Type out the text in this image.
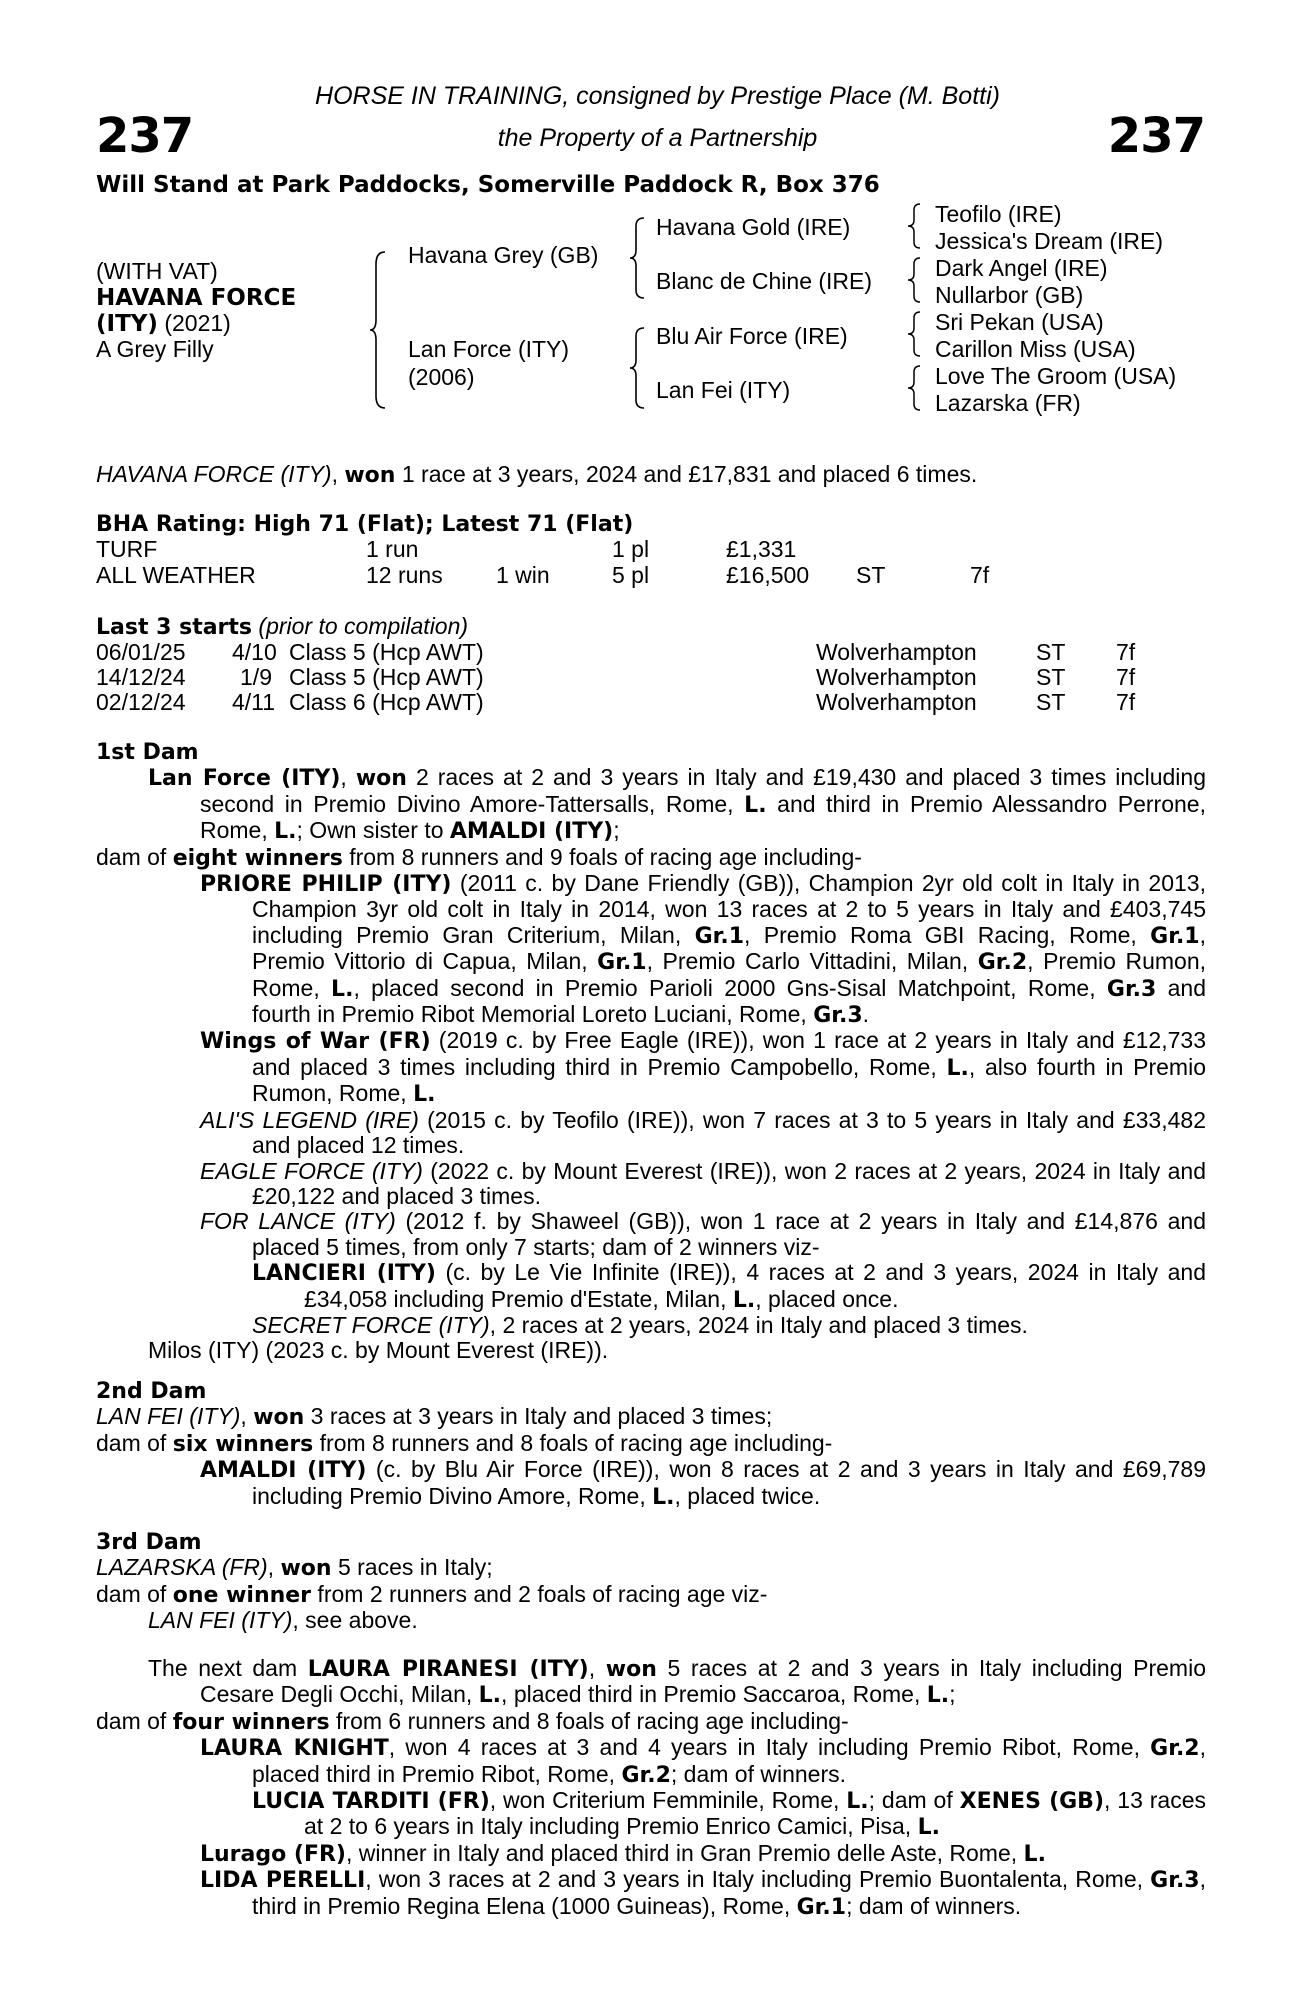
237	237
HORSE IN TRAINING, consigned by Prestige Place (M. Botti)
the Property of a Partnership
Will Stand at Park Paddocks, Somerville Paddock R, Box 376
(WITH VAT)
HAVANA FORCE
(ITY) (2021)
A Grey Filly
Havana Grey (GB)
Lan Force (ITY)
(2006)
Havana Gold (IRE)
Blanc de Chine (IRE)
Blu Air Force (IRE)
Lan Fei (ITY)
Teofilo (IRE)
Jessica's Dream (IRE)
Dark Angel (IRE)
Nullarbor (GB)
Sri Pekan (USA)
Carillon Miss (USA)
Love The Groom (USA)
Lazarska (FR)

HAVANA FORCE (ITY), won 1 race at 3 years, 2024 and £17,831 and placed 6 times.

BHA Rating: High 71 (Flat); Latest 71 (Flat)

TURF	1 run	1 pl	£1,331
ALL WEATHER	12 runs 1 win	5 pl	£16,500 ST	7f

Last 3 starts (prior to compilation)

06/01/25 4/10 Class 5 (Hcp AWT)	Wolverhampton	ST 7f
14/12/24	1/9 Class 5 (Hcp AWT)	Wolverhampton	ST 7f
02/12/24 4/11 Class 6 (Hcp AWT)	Wolverhampton	ST 7f

1st Dam

Lan Force (ITY), won 2 races at 2 and 3 years in Italy and £19,430 and placed 3 times including second in Premio Divino Amore-Tattersalls, Rome, L. and third in Premio Alessandro Perrone, Rome, L.; Own sister to AMALDI (ITY);

dam of eight winners from 8 runners and 9 foals of racing age including-

PRIORE PHILIP (ITY) (2011 c. by Dane Friendly (GB)), Champion 2yr old colt in Italy in 2013, Champion 3yr old colt in Italy in 2014, won 13 races at 2 to 5 years in Italy and £403,745 including Premio Gran Criterium, Milan, Gr.1, Premio Roma GBI Racing, Rome, Gr.1, Premio Vittorio di Capua, Milan, Gr.1, Premio Carlo Vittadini, Milan, Gr.2, Premio Rumon, Rome, L., placed second in Premio Parioli 2000 Gns-Sisal Matchpoint, Rome, Gr.3 and fourth in Premio Ribot Memorial Loreto Luciani, Rome, Gr.3.

Wings of War (FR) (2019 c. by Free Eagle (IRE)), won 1 race at 2 years in Italy and £12,733 and placed 3 times including third in Premio Campobello, Rome, L., also fourth in Premio Rumon, Rome, L.

ALI'S LEGEND (IRE) (2015 c. by Teofilo (IRE)), won 7 races at 3 to 5 years in Italy and £33,482 and placed 12 times.

EAGLE FORCE (ITY) (2022 c. by Mount Everest (IRE)), won 2 races at 2 years, 2024 in Italy and £20,122 and placed 3 times.

FOR LANCE (ITY) (2012 f. by Shaweel (GB)), won 1 race at 2 years in Italy and £14,876 and placed 5 times, from only 7 starts; dam of 2 winners viz-

LANCIERI (ITY) (c. by Le Vie Infinite (IRE)), 4 races at 2 and 3 years, 2024 in Italy and £34,058 including Premio d'Estate, Milan, L., placed once.

SECRET FORCE (ITY), 2 races at 2 years, 2024 in Italy and placed 3 times.

Milos (ITY) (2023 c. by Mount Everest (IRE)).

2nd Dam

LAN FEI (ITY), won 3 races at 3 years in Italy and placed 3 times;

dam of six winners from 8 runners and 8 foals of racing age including-

AMALDI (ITY) (c. by Blu Air Force (IRE)), won 8 races at 2 and 3 years in Italy and £69,789 including Premio Divino Amore, Rome, L., placed twice.

3rd Dam

LAZARSKA (FR), won 5 races in Italy;

dam of one winner from 2 runners and 2 foals of racing age viz-

LAN FEI (ITY), see above.

The next dam LAURA PIRANESI (ITY), won 5 races at 2 and 3 years in Italy including Premio Cesare Degli Occhi, Milan, L., placed third in Premio Saccaroa, Rome, L.;

dam of four winners from 6 runners and 8 foals of racing age including-

LAURA KNIGHT, won 4 races at 3 and 4 years in Italy including Premio Ribot, Rome, Gr.2, placed third in Premio Ribot, Rome, Gr.2; dam of winners.

LUCIA TARDITI (FR), won Criterium Femminile, Rome, L.; dam of XENES (GB), 13 races at 2 to 6 years in Italy including Premio Enrico Camici, Pisa, L.

Lurago (FR), winner in Italy and placed third in Gran Premio delle Aste, Rome, L.

LIDA PERELLI, won 3 races at 2 and 3 years in Italy including Premio Buontalenta, Rome, Gr.3, third in Premio Regina Elena (1000 Guineas), Rome, Gr.1; dam of winners.
